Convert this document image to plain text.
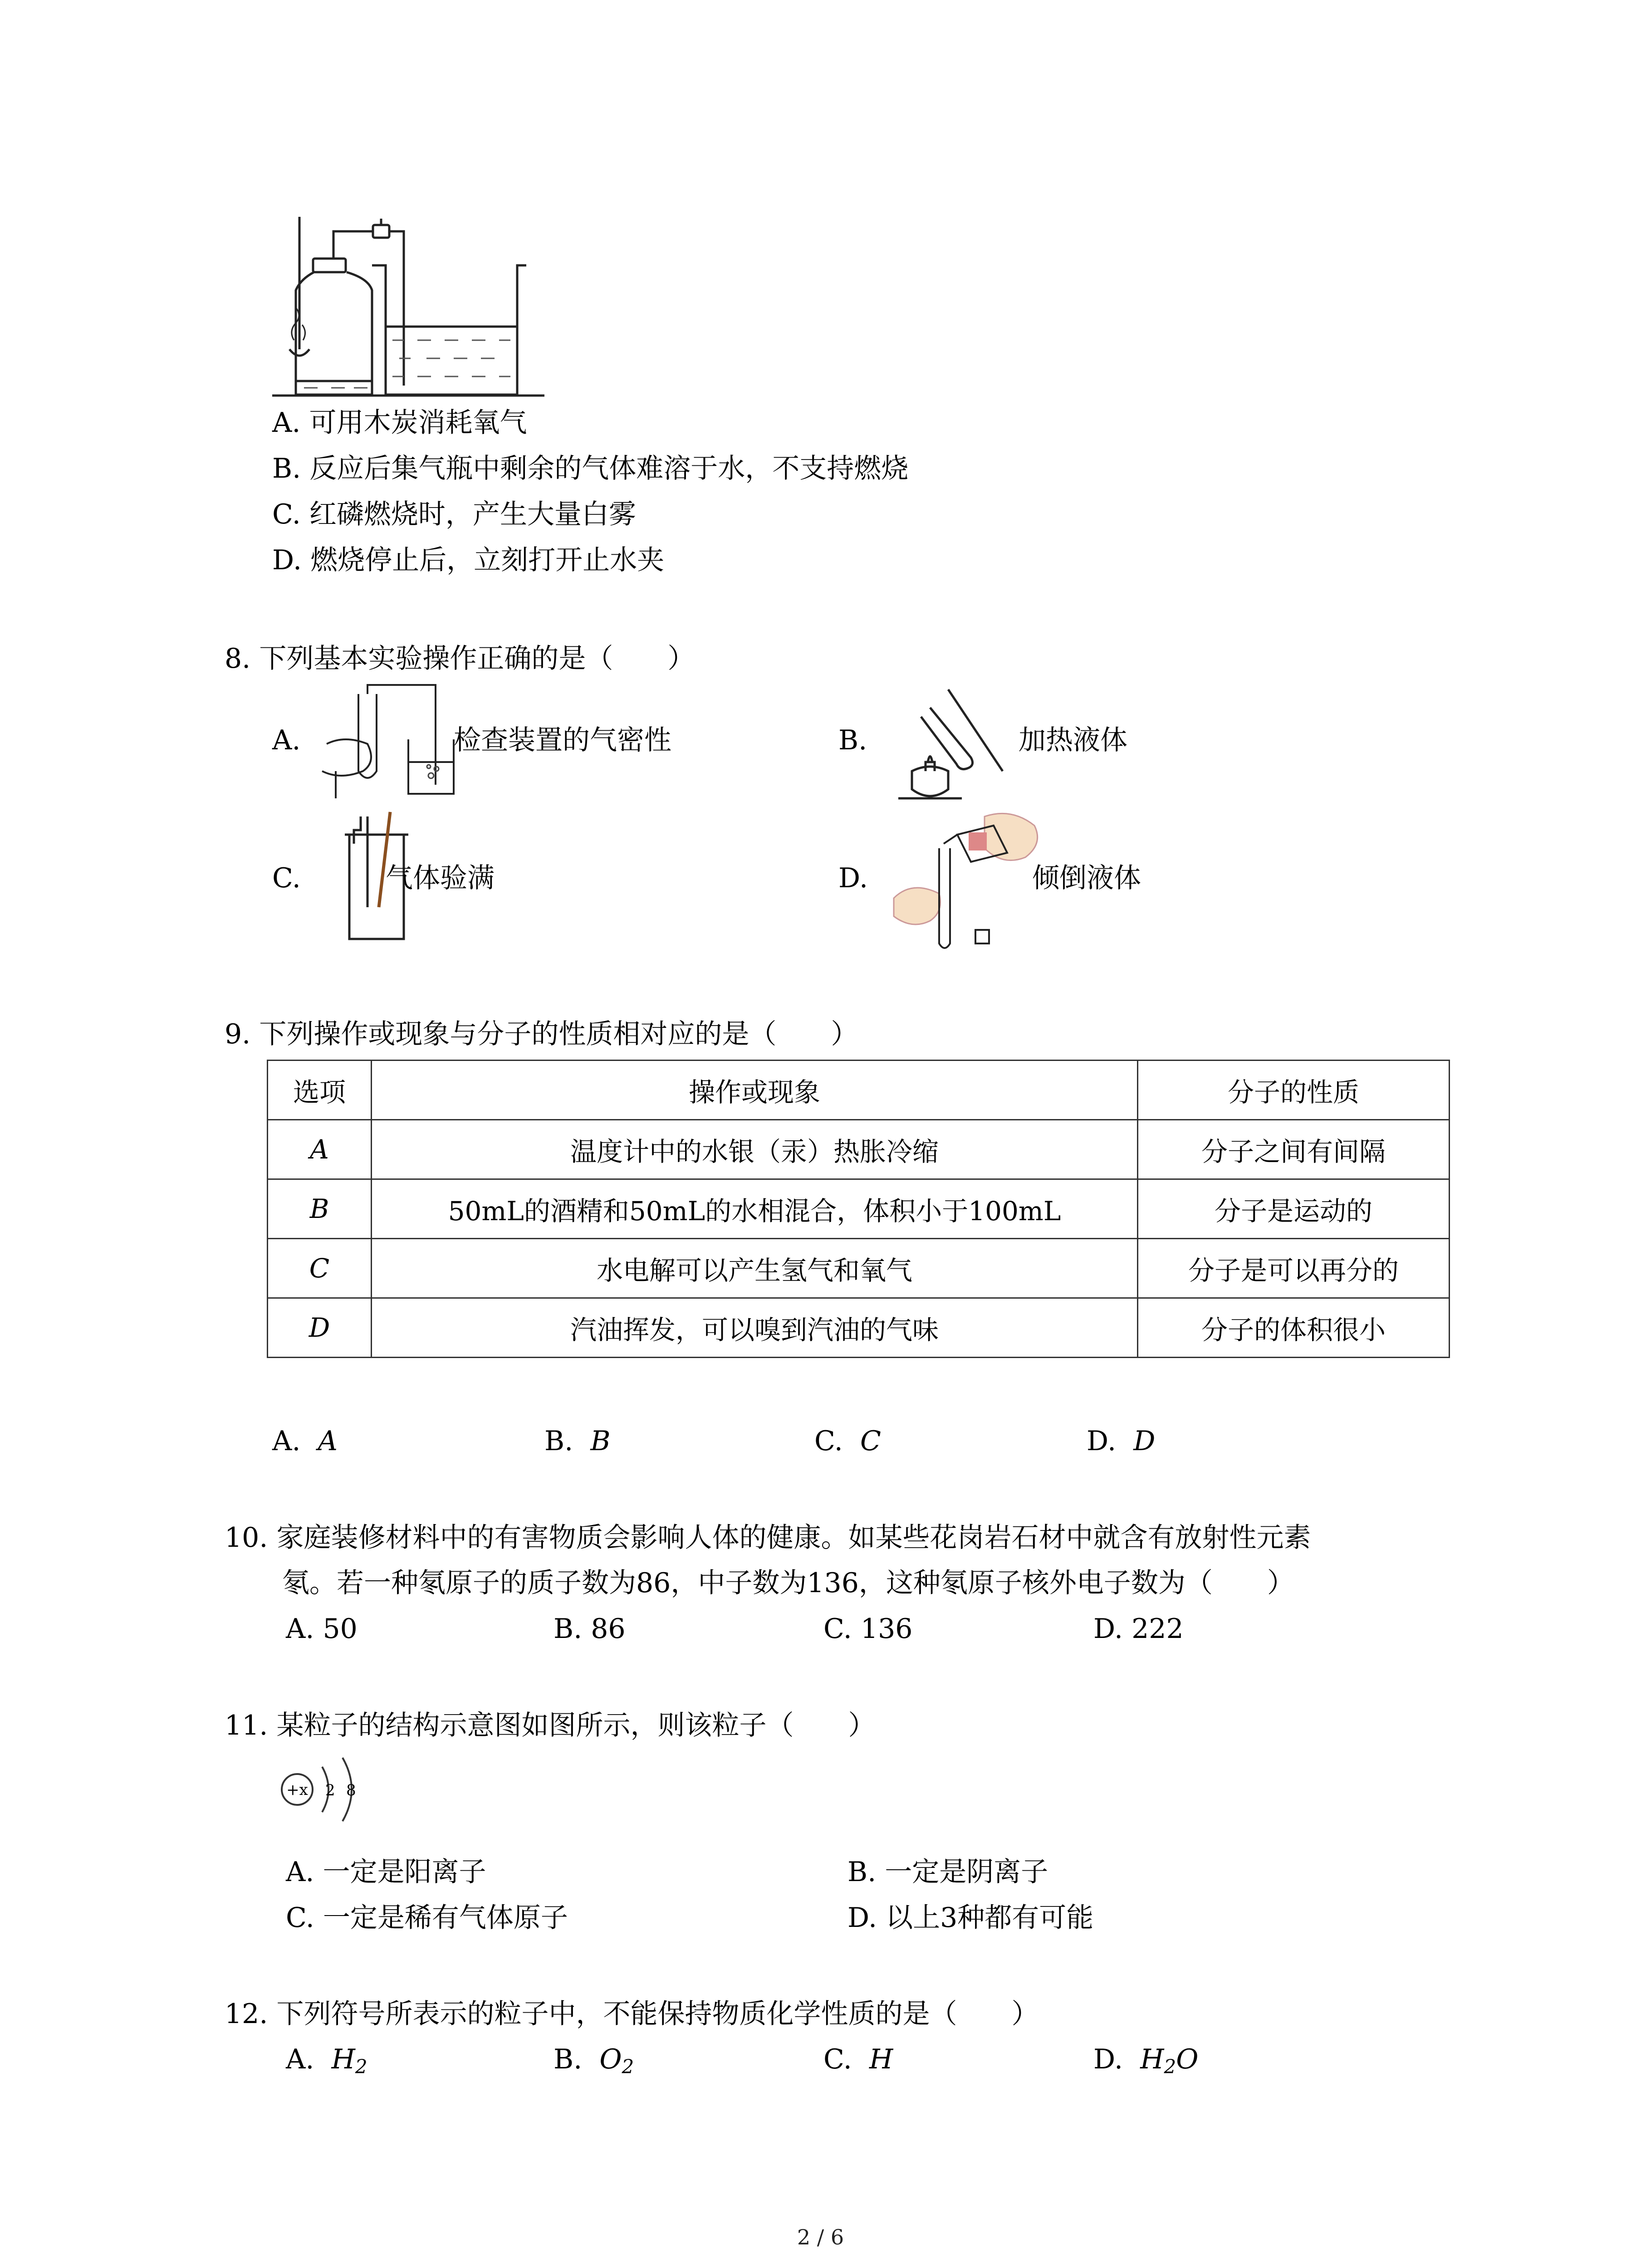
A. 可用木炭消耗氧气
B. 反应后集气瓶中剩余的气体难溶于水，不支持燃烧
C. 红磷燃烧时，产生大量白雾
D. 燃烧停止后，立刻打开止水夹
8. 下列基本实验操作正确的是（　　）
A.	检查装置的气密性	B.	加热液体
C.	气体验满	D.	倾倒液体
9. 下列操作或现象与分子的性质相对应的是（　　）
选项	操作或现象	分子的性质
A	温度计中的水银（汞）热胀冷缩	分子之间有间隔
B	50mL的酒精和50mL的水相混合，体积小于100mL	分子是运动的
C	水电解可以产生氢气和氧气	分子是可以再分的
D	汽油挥发，可以嗅到汽油的气味	分子的体积很小
A. A	B. B	C. C	D. D
10. 家庭装修材料中的有害物质会影响人体的健康。如某些花岗岩石材中就含有放射性元素
氡。若一种氡原子的质子数为86，中子数为136，这种氡原子核外电子数为（　　）
A. 50	B. 86	C. 136	D. 222
11. 某粒子的结构示意图如图所示，则该粒子（　　）
+x 2 8
A. 一定是阳离子	B. 一定是阴离子
C. 一定是稀有气体原子	D. 以上3种都有可能
12. 下列符号所表示的粒子中，不能保持物质化学性质的是（　　）
A. $H_2$	B. $O_2$	C. H	D. $H_2O$
2 / 6
